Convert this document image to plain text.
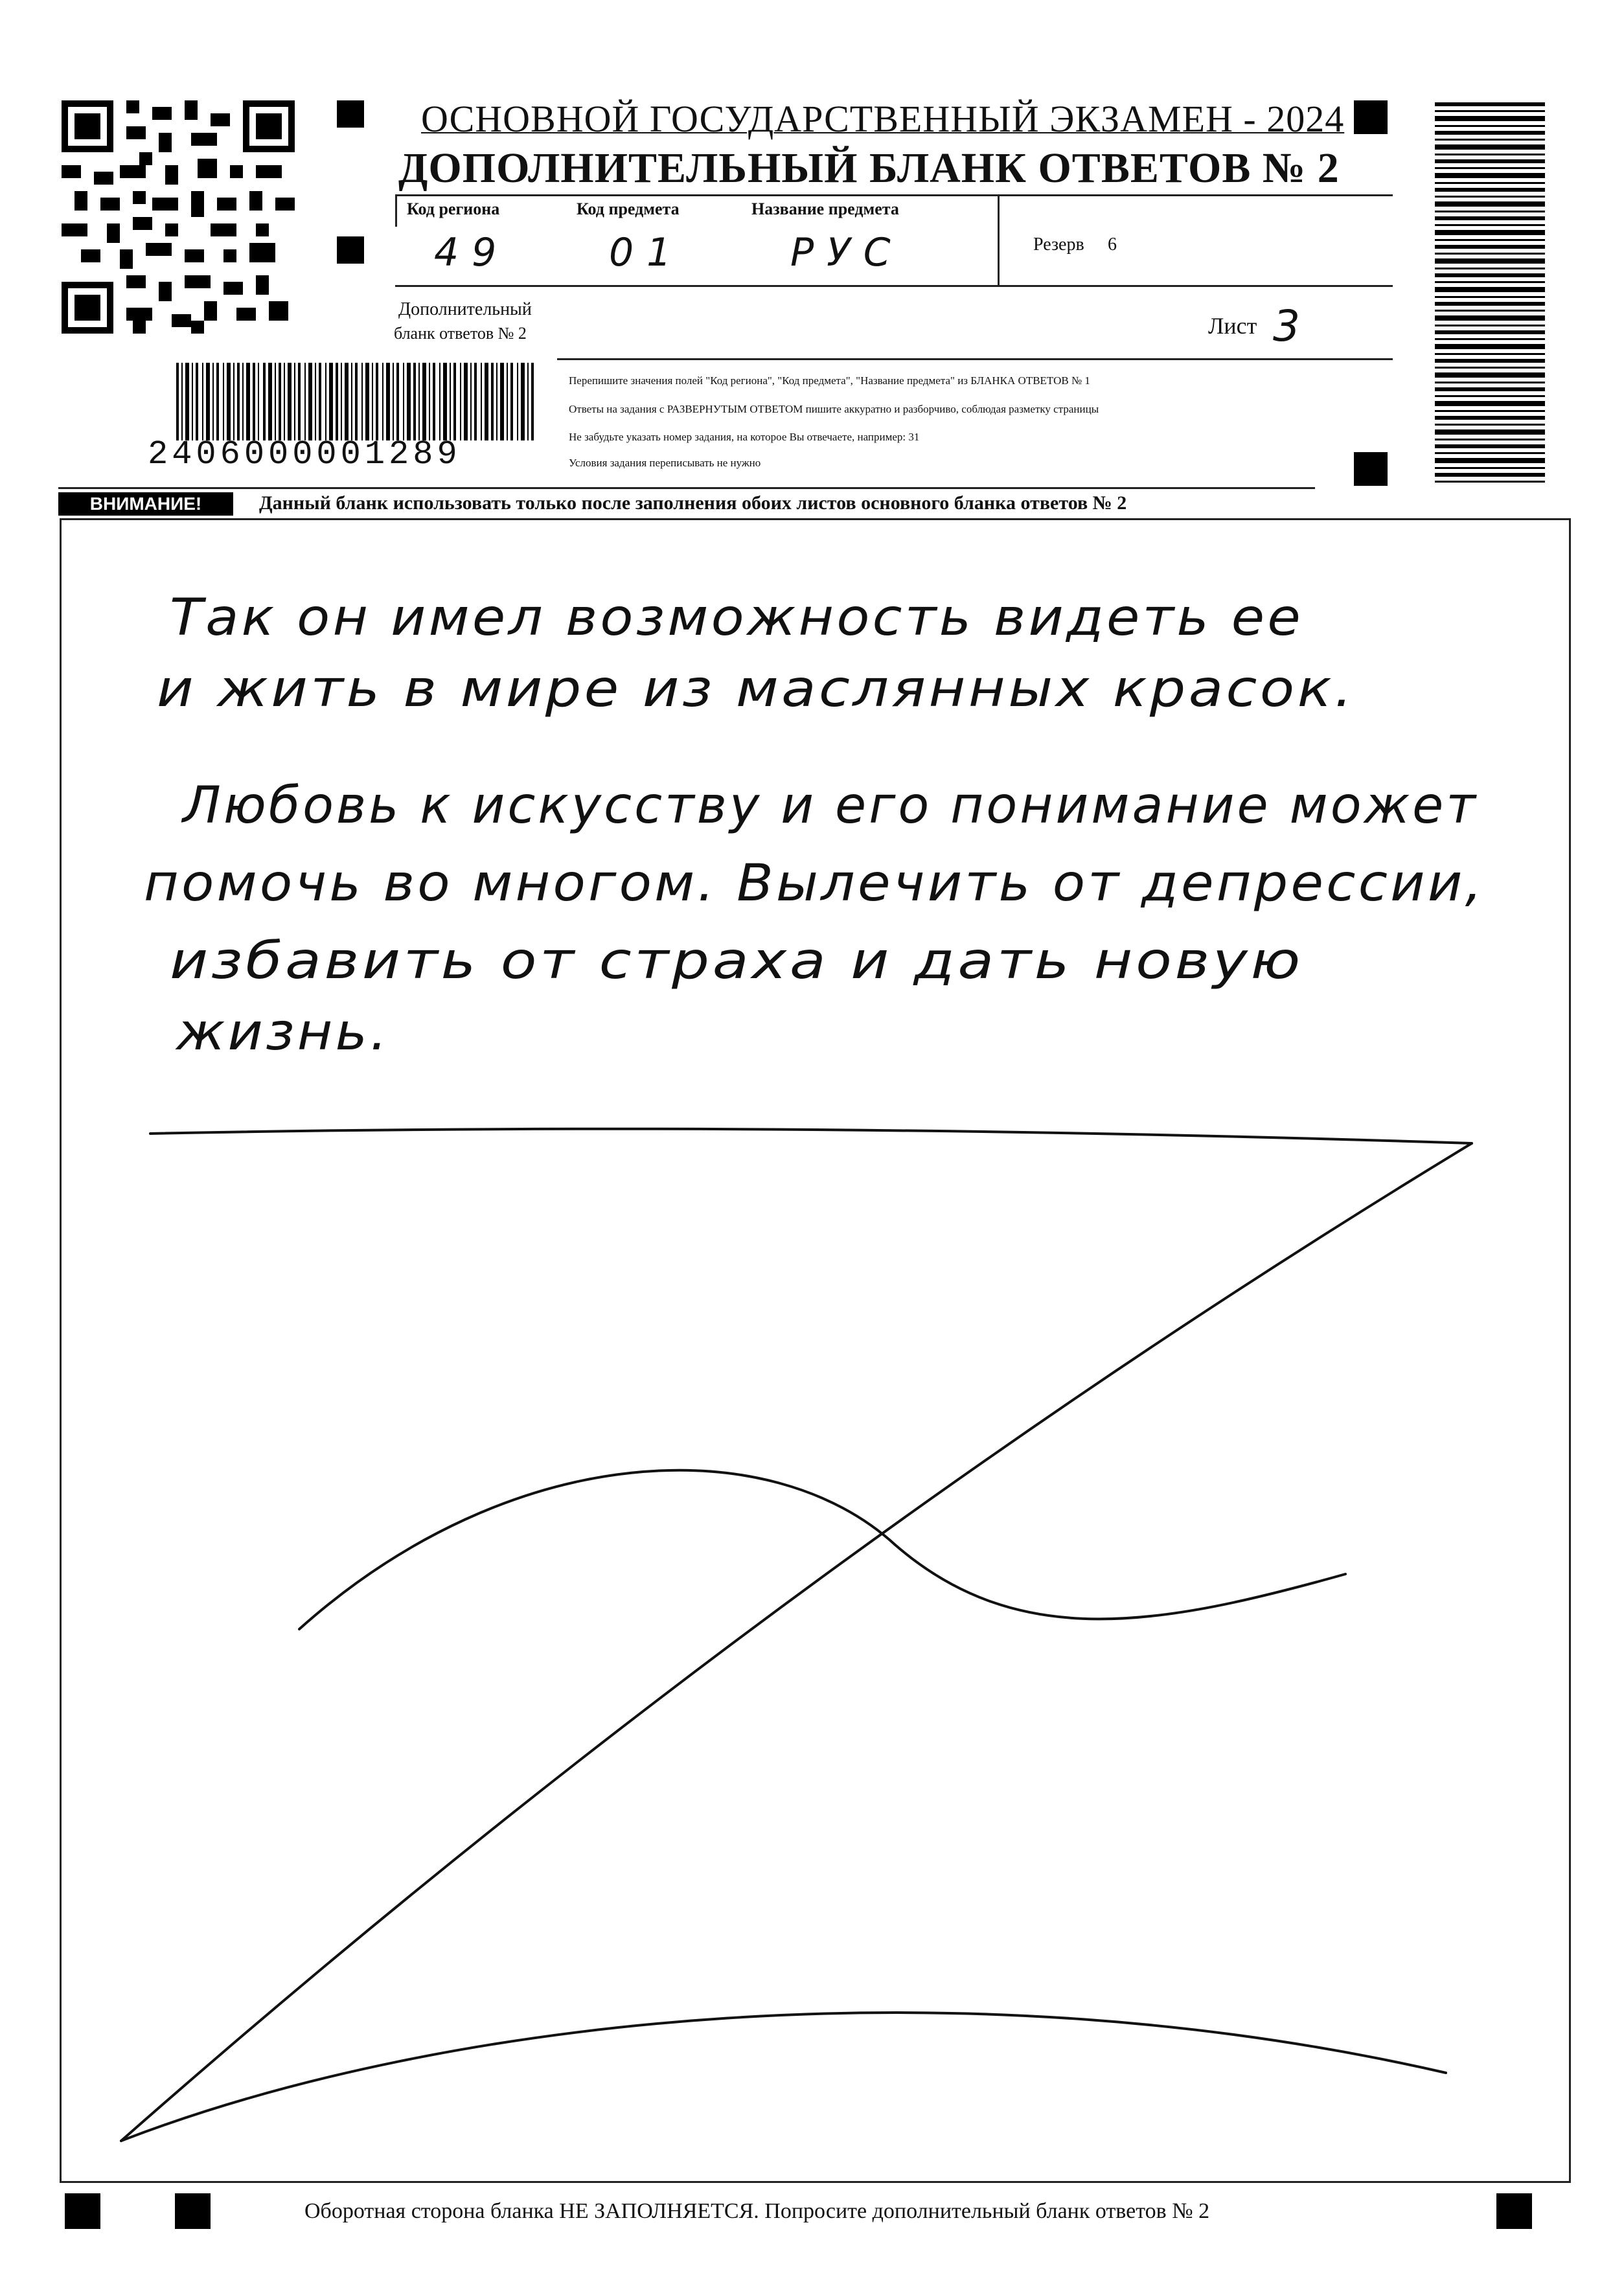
ОСНОВНОЙ ГОСУДАРСТВЕННЫЙ ЭКЗАМЕН - 2024
ДОПОЛНИТЕЛЬНЫЙ БЛАНК ОТВЕТОВ № 2
Код региона
49
Код предмета
01
Название предмета
РУС	Резерв 6
Дополнительный
бланк ответов № 2	Лист 3
2406000001289
Перепишите значения полей "Код региона", "Код предмета", "Название предмета" из БЛАНКА ОТВЕТОВ № 1
Ответы на задания с РАЗВЕРНУТЫМ ОТВЕТОМ пишите аккуратно и разборчиво, соблюдая разметку страницы
Не забудьте указать номер задания, на которое Вы отвечаете, например: 31
Условия задания переписывать не нужно
ВНИМАНИЕ!	Данный бланк использовать только после заполнения обоих листов основного бланка ответов № 2
Так он имел возможность видеть ее
и жить в мире из маслянных красок.
Любовь к искусству и его понимание может
помочь во многом. Вылечить от депрессии,
избавить от страха и дать новую
жизнь.
Оборотная сторона бланка НЕ ЗАПОЛНЯЕТСЯ. Попросите дополнительный бланк ответов № 2
